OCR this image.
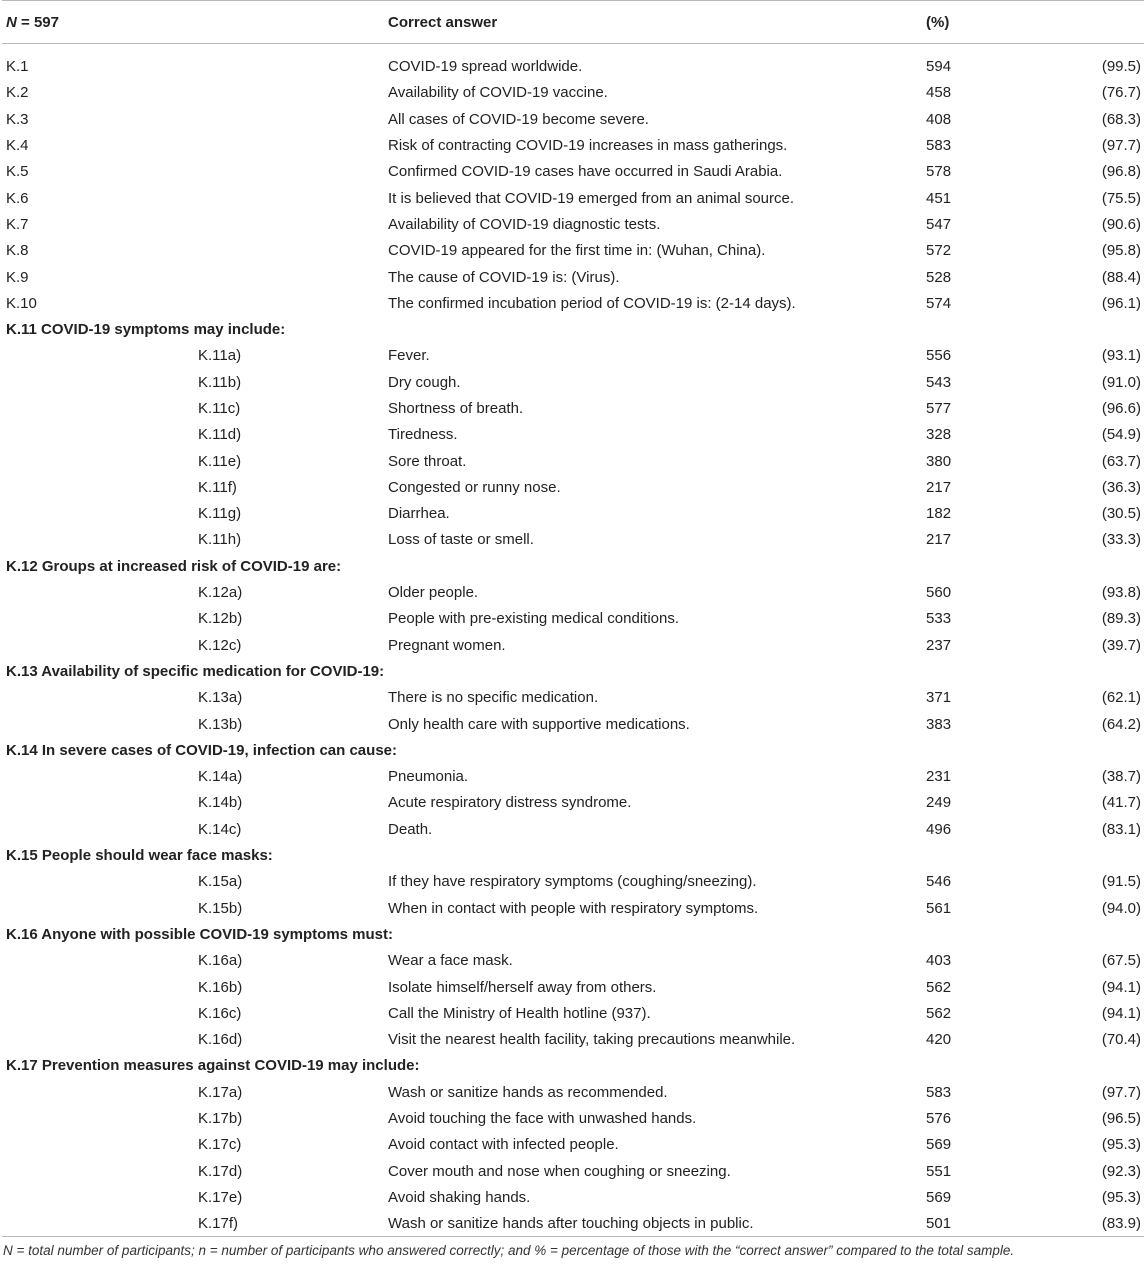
N = 597		Correct answer	(%)	

K.1		COVID-19 spread worldwide.	594	(99.5)
K.2		Availability of COVID-19 vaccine.	458	(76.7)
K.3		All cases of COVID-19 become severe.	408	(68.3)
K.4		Risk of contracting COVID-19 increases in mass gatherings.	583	(97.7)
K.5		Confirmed COVID-19 cases have occurred in Saudi Arabia.	578	(96.8)
K.6		It is believed that COVID-19 emerged from an animal source.	451	(75.5)
K.7		Availability of COVID-19 diagnostic tests.	547	(90.6)
K.8		COVID-19 appeared for the first time in: (Wuhan, China).	572	(95.8)
K.9		The cause of COVID-19 is: (Virus).	528	(88.4)
K.10		The confirmed incubation period of COVID-19 is: (2-14 days).	574	(96.1)
K.11 COVID-19 symptoms may include:				
	K.11a)	Fever.	556	(93.1)
	K.11b)	Dry cough.	543	(91.0)
	K.11c)	Shortness of breath.	577	(96.6)
	K.11d)	Tiredness.	328	(54.9)
	K.11e)	Sore throat.	380	(63.7)
	K.11f)	Congested or runny nose.	217	(36.3)
	K.11g)	Diarrhea.	182	(30.5)
	K.11h)	Loss of taste or smell.	217	(33.3)
K.12 Groups at increased risk of COVID-19 are:				
	K.12a)	Older people.	560	(93.8)
	K.12b)	People with pre-existing medical conditions.	533	(89.3)
	K.12c)	Pregnant women.	237	(39.7)
K.13 Availability of specific medication for COVID-19:				
	K.13a)	There is no specific medication.	371	(62.1)
	K.13b)	Only health care with supportive medications.	383	(64.2)
K.14 In severe cases of COVID-19, infection can cause:				
	K.14a)	Pneumonia.	231	(38.7)
	K.14b)	Acute respiratory distress syndrome.	249	(41.7)
	K.14c)	Death.	496	(83.1)
K.15 People should wear face masks:				
	K.15a)	If they have respiratory symptoms (coughing/sneezing).	546	(91.5)
	K.15b)	When in contact with people with respiratory symptoms.	561	(94.0)
K.16 Anyone with possible COVID-19 symptoms must:				
	K.16a)	Wear a face mask.	403	(67.5)
	K.16b)	Isolate himself/herself away from others.	562	(94.1)
	K.16c)	Call the Ministry of Health hotline (937).	562	(94.1)
	K.16d)	Visit the nearest health facility, taking precautions meanwhile.	420	(70.4)
K.17 Prevention measures against COVID-19 may include:				
	K.17a)	Wash or sanitize hands as recommended.	583	(97.7)
	K.17b)	Avoid touching the face with unwashed hands.	576	(96.5)
	K.17c)	Avoid contact with infected people.	569	(95.3)
	K.17d)	Cover mouth and nose when coughing or sneezing.	551	(92.3)
	K.17e)	Avoid shaking hands.	569	(95.3)
	K.17f)	Wash or sanitize hands after touching objects in public.	501	(83.9)
N = total number of participants; n = number of participants who answered correctly; and % = percentage of those with the “correct answer” compared to the total sample.
